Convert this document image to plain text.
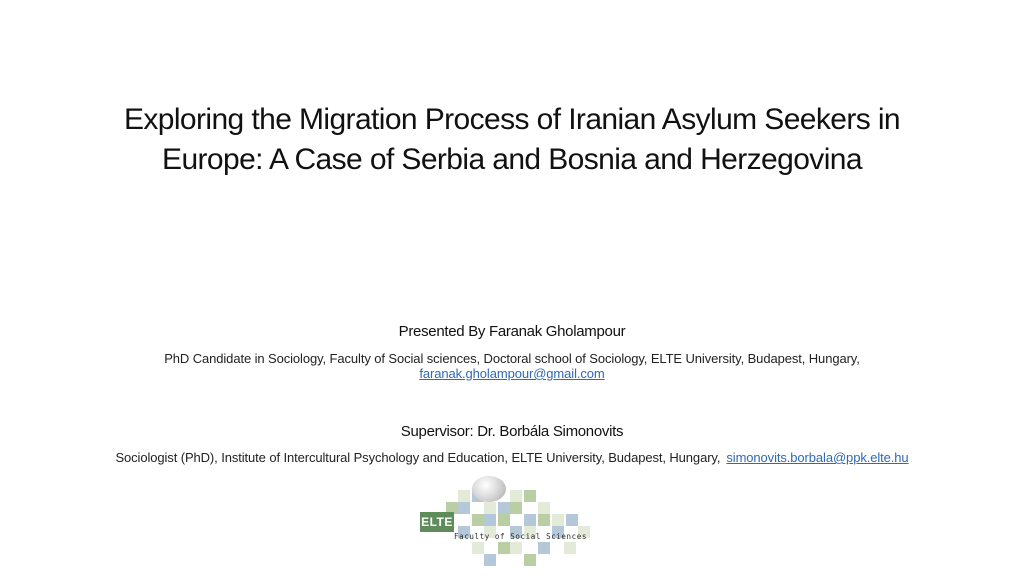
Exploring the Migration Process of Iranian Asylum Seekers in
Europe: A Case of Serbia and Bosnia and Herzegovina
Presented By Faranak Gholampour
PhD Candidate in Sociology, Faculty of Social sciences, Doctoral school of Sociology, ELTE University, Budapest, Hungary,
faranak.gholampour@gmail.com
Supervisor: Dr. Borbála Simonovits
Sociologist (PhD), Institute of Intercultural Psychology and Education, ELTE University, Budapest, Hungary, simonovits.borbala@ppk.elte.hu
ELTE
Faculty of Social Sciences
